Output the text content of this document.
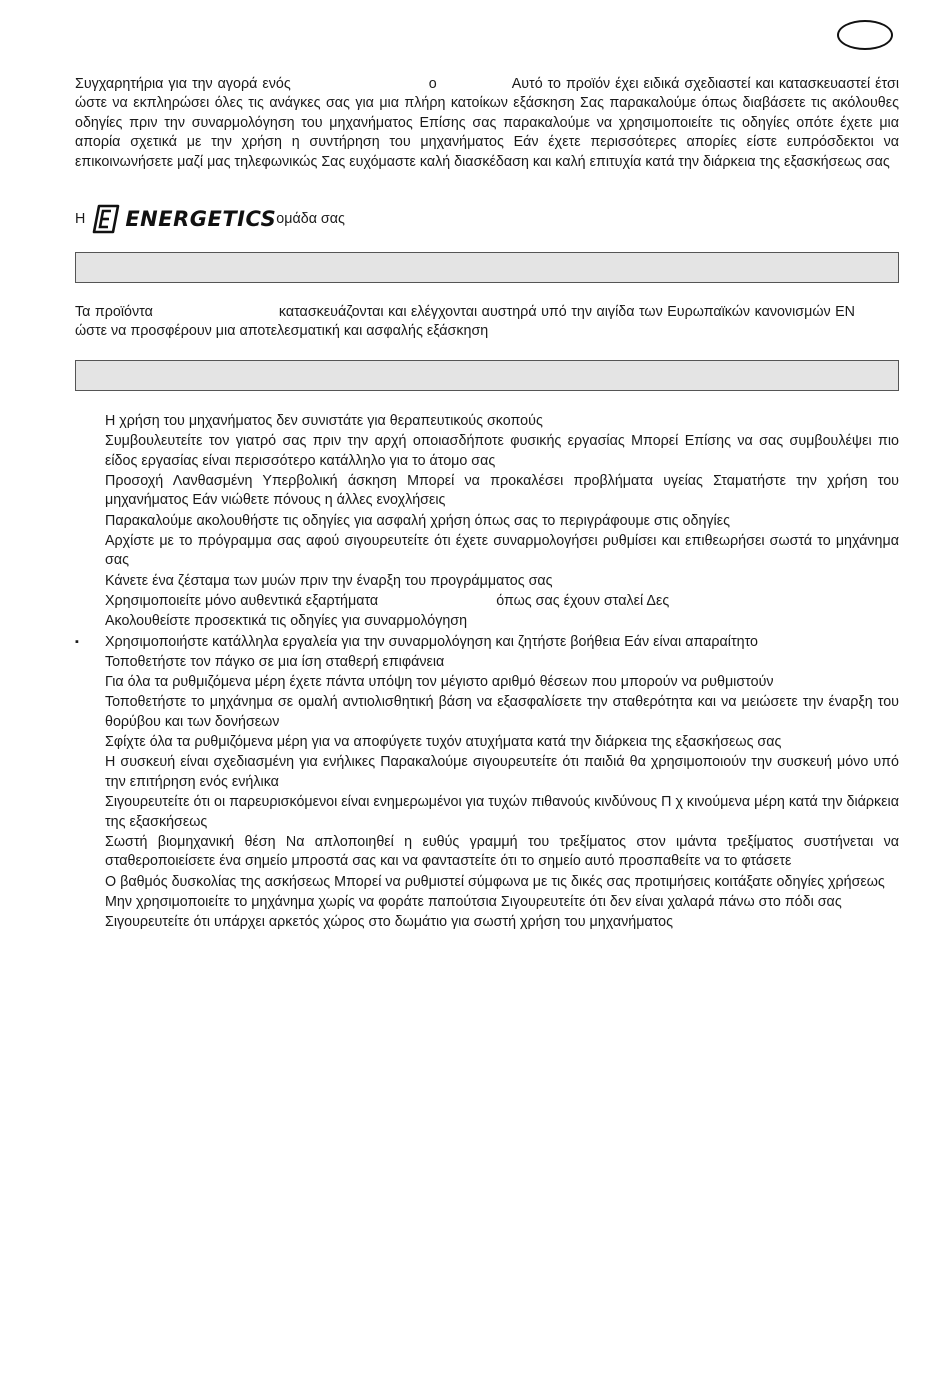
Συγχαρητήρια για την αγορά ενός	ο	Αυτό το προϊόν έχει ειδικά σχεδιαστεί και κατασκευαστεί έτσι ώστε να εκπληρώσει όλες τις ανάγκες σας για μια πλήρη κατοίκων εξάσκηση Σας παρακαλούμε όπως διαβάσετε τις ακόλουθες οδηγίες πριν την συναρμολόγηση του μηχανήματος Επίσης σας παρακαλούμε να χρησιμοποιείτε τις οδηγίες οπότε έχετε μια απορία σχετικά με την χρήση η συντήρηση του μηχανήματος Εάν έχετε περισσότερες απορίες είστε ευπρόσδεκτοι να επικοινωνήσετε μαζί μας τηλεφωνικώς Σας ευχόμαστε καλή διασκέδαση και καλή επιτυχία κατά την διάρκεια της εξασκήσεως σας

Η ENERGETICS ομάδα σας

Τα προϊόντα	κατασκευάζονται και ελέγχονται αυστηρά υπό την αιγίδα των Ευρωπαϊκών κανονισμών ΕΝώστε να προσφέρουν μια αποτελεσματική και ασφαλής εξάσκηση

Η χρήση του μηχανήματος δεν συνιστάτε για θεραπευτικούς σκοπούς
Συμβουλευτείτε τον γιατρό σας πριν την αρχή οποιασδήποτε φυσικής εργασίας Μπορεί Επίσης να σας συμβουλέψει πιο είδος εργασίας είναι περισσότερο κατάλληλο για το άτομο σας
Προσοχή Λανθασμένη Υπερβολική άσκηση Μπορεί να προκαλέσει προβλήματα υγείας Σταματήστε την χρήση του μηχανήματος Εάν νιώθετε πόνους η άλλες ενοχλήσεις
Παρακαλούμε ακολουθήστε τις οδηγίες για ασφαλή χρήση όπως σας το περιγράφουμε στις οδηγίες
Αρχίστε με το πρόγραμμα σας αφού σιγουρευτείτε ότι έχετε συναρμολογήσει ρυθμίσει και επιθεωρήσει σωστά το μηχάνημα σας
Κάνετε ένα ζέσταμα των μυών πριν την έναρξη του προγράμματος σας
Χρησιμοποιείτε μόνο αυθεντικά εξαρτήματα	όπως σας έχουν σταλεί Δες
Ακολουθείστε προσεκτικά τις οδηγίες για συναρμολόγηση
▪	Χρησιμοποιήστε κατάλληλα εργαλεία για την συναρμολόγηση και ζητήστε βοήθεια Εάν είναι απαραίτητο
Τοποθετήστε τον πάγκο σε μια ίση σταθερή επιφάνεια
Για όλα τα ρυθμιζόμενα μέρη έχετε πάντα υπόψη τον μέγιστο αριθμό θέσεων που μπορούν να ρυθμιστούν
Τοποθετήστε το μηχάνημα σε ομαλή αντιολισθητική βάση να εξασφαλίσετε την σταθερότητα και να μειώσετε την έναρξη του θορύβου και των δονήσεων
Σφίχτε όλα τα ρυθμιζόμενα μέρη για να αποφύγετε τυχόν ατυχήματα κατά την διάρκεια της εξασκήσεως σας
Η συσκευή είναι σχεδιασμένη για ενήλικες Παρακαλούμε σιγουρευτείτε ότι παιδιά θα χρησιμοποιούν την συσκευή μόνο υπό την επιτήρηση ενός ενήλικα
Σιγουρευτείτε ότι οι παρευρισκόμενοι είναι ενημερωμένοι για τυχών πιθανούς κινδύνους Π χ κινούμενα μέρη κατά την διάρκεια της εξασκήσεως
Σωστή βιομηχανική θέση Να απλοποιηθεί η ευθύς γραμμή του τρεξίματος στον ιμάντα τρεξίματος συστήνεται να σταθεροποιείσετε ένα σημείο μπροστά σας και να φανταστείτε ότι το σημείο αυτό προσπαθείτε να το φτάσετε
Ο βαθμός δυσκολίας της ασκήσεως Μπορεί να ρυθμιστεί σύμφωνα με τις δικές σας προτιμήσεις κοιτάξατε οδηγίες χρήσεως
Μην χρησιμοποιείτε το μηχάνημα χωρίς να φοράτε παπούτσια Σιγουρευτείτε ότι δεν είναι χαλαρά πάνω στο πόδι σας
Σιγουρευτείτε ότι υπάρχει αρκετός χώρος στο δωμάτιο για σωστή χρήση του μηχανήματος
